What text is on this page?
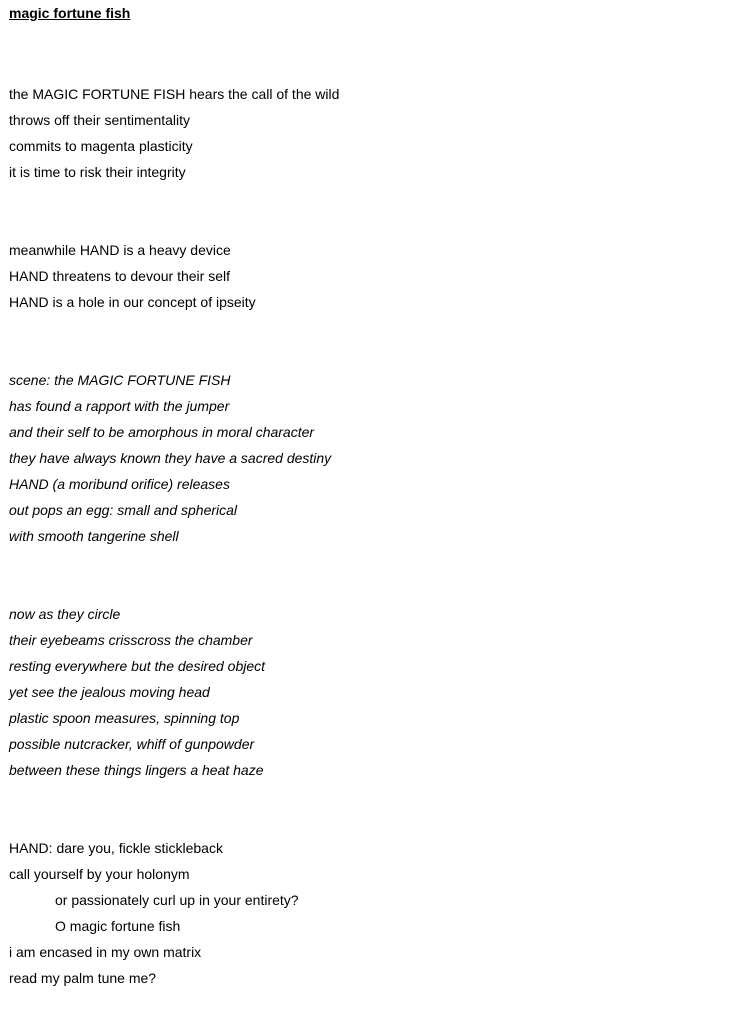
magic fortune fish
the MAGIC FORTUNE FISH hears the call of the wild
throws off their sentimentality
commits to magenta plasticity
it is time to risk their integrity
meanwhile HAND is a heavy device
HAND threatens to devour their self
HAND is a hole in our concept of ipseity
scene: the MAGIC FORTUNE FISH
has found a rapport with the jumper
and their self to be amorphous in moral character
they have always known they have a sacred destiny
HAND (a moribund orifice) releases
out pops an egg: small and spherical
with smooth tangerine shell
now as they circle
their eyebeams crisscross the chamber
resting everywhere but the desired object
yet see the jealous moving head
plastic spoon measures, spinning top
possible nutcracker, whiff of gunpowder
between these things lingers a heat haze
HAND: dare you, fickle stickleback
call yourself by your holonym
or passionately curl up in your entirety?
O magic fortune fish
i am encased in my own matrix
read my palm tune me?
